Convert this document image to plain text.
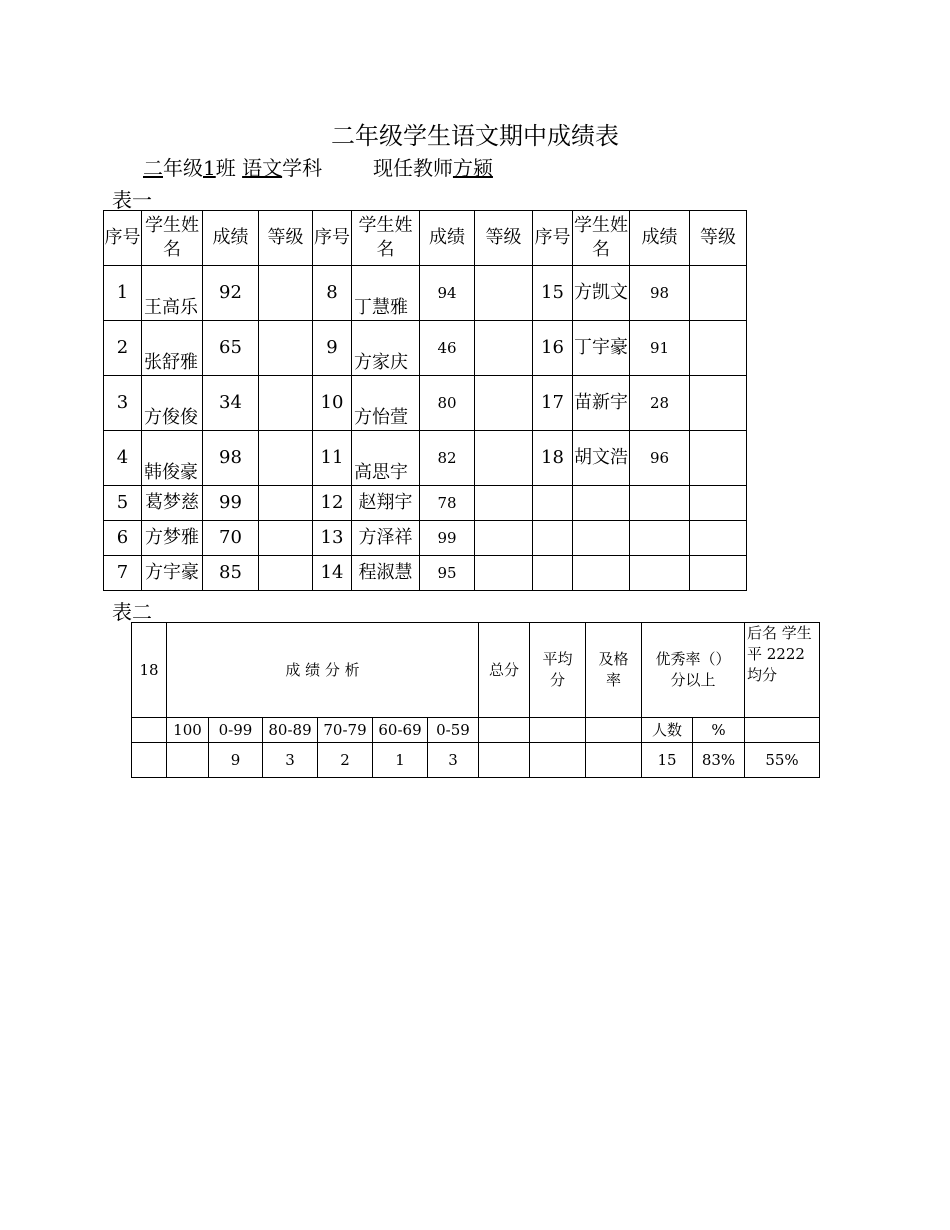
二年级学生语文期中成绩表
二年级1班 语文学科	现任教师方颍
表一
序号	学生姓名	成绩	等级	序号	学生姓名	成绩	等级	序号	学生姓名	成绩	等级
1	王高乐	92		8	丁慧雅	94		15	方凯文	98	
2	张舒雅	65		9	方家庆	46		16	丁宇豪	91	
3	方俊俊	34		10	方怡萱	80		17	苗新宇	28	
4	韩俊豪	98		11	高思宇	82		18	胡文浩	96	
5	葛梦慈	99		12	赵翔宇	78					
6	方梦雅	70		13	方泽祥	99					
7	方宇豪	85		14	程淑慧	95					
表二
18	成 绩 分 析						总分	平均分	及格率	优秀率（）分以上		后名 学生平 2222 均分
	100	0-99	80-89	70-79	60-69	0-59				人数	%	
		9	3	2	1	3				15	83%	55%
